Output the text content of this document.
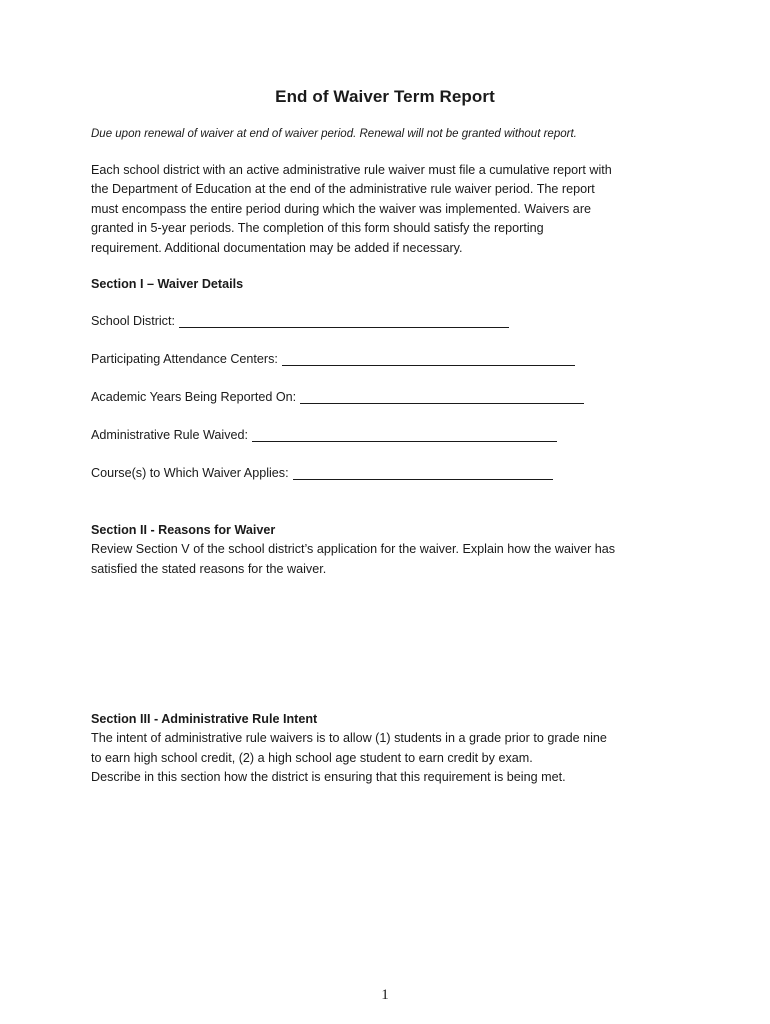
End of Waiver Term Report
Due upon renewal of waiver at end of waiver period. Renewal will not be granted without report.

Each school district with an active administrative rule waiver must file a cumulative report with

the Department of Education at the end of the administrative rule waiver period. The report

must encompass the entire period during which the waiver was implemented. Waivers are

granted in 5-year periods. The completion of this form should satisfy the reporting

requirement. Additional documentation may be added if necessary.

Section I – Waiver Details
School District:
Participating Attendance Centers:
Academic Years Being Reported On:
Administrative Rule Waived:
Course(s) to Which Waiver Applies:

Section II - Reasons for Waiver

Review Section V of the school district’s application for the waiver. Explain how the waiver has

satisfied the stated reasons for the waiver.

Section III - Administrative Rule Intent

The intent of administrative rule waivers is to allow (1) students in a grade prior to grade nine

to earn high school credit, (2) a high school age student to earn credit by exam.

Describe in this section how the district is ensuring that this requirement is being met.

1
